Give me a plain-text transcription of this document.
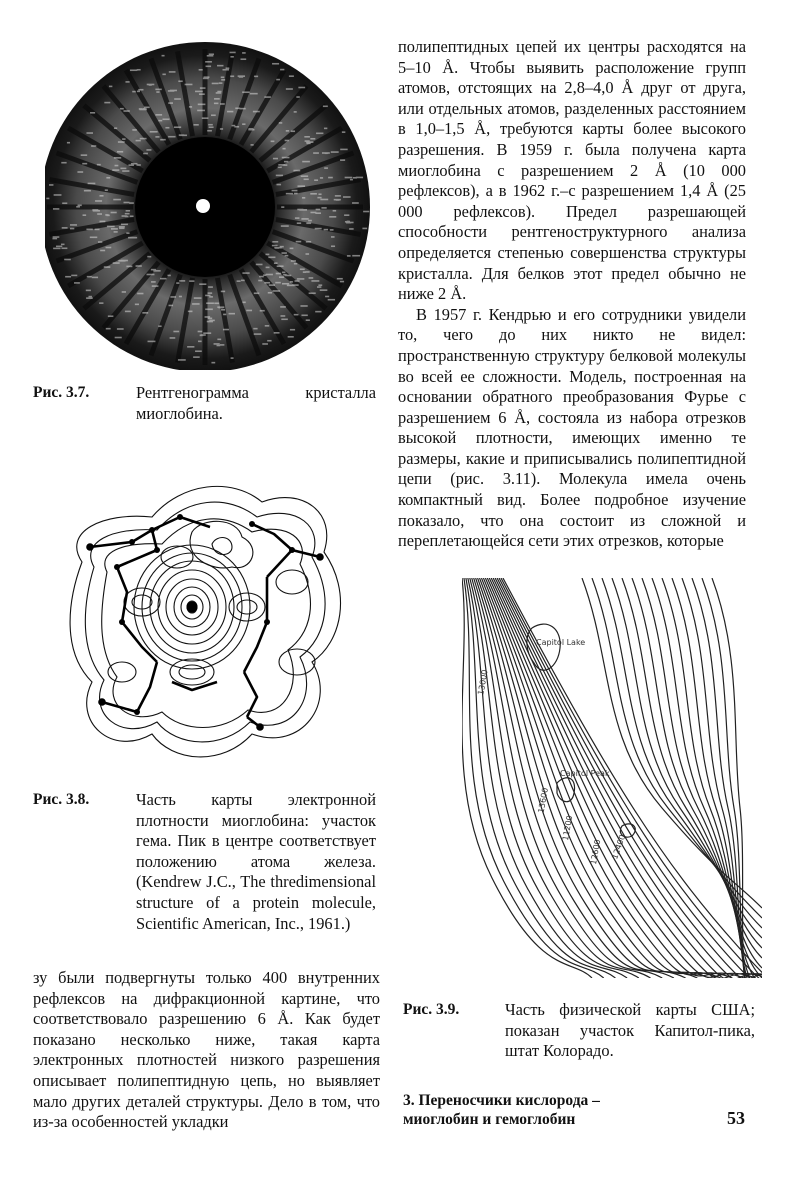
Рис. 3.7.	Рентгенограмма кристалла миоглобина.
Рис. 3.8.	Часть карты электронной плотности миоглобина: участок гема. Пик в центре соответствует положению атома железа. (Kendrew J.C., The thredimensional structure of a protein molecule, Scientific American, Inc., 1961.)

зу были подвергнуты только 400 внутренних рефлексов на дифракционной картине, что соответствовало разрешению 6 Å. Как будет показано несколько ниже, такая карта электронных плотностей низкого разрешения описывает полипептидную цепь, но выявляет мало других деталей структуры. Дело в том, что из-за особенностей укладки

полипептидных цепей их центры расходятся на 5–10 Å. Чтобы выявить расположение групп атомов, отстоящих на 2,8–4,0 Å друг от друга, или отдельных атомов, разделенных расстоянием в 1,0–1,5 Å, требуются карты более высокого разрешения. В 1959 г. была получена карта миоглобина с разрешением 2 Å (10 000 рефлексов), а в 1962 г.–с разрешением 1,4 Å (25 000 рефлексов). Предел разрешающей способности рентгеноструктурного анализа определяется степенью совершенства структуры кристалла. Для белков этот предел обычно не ниже 2 Å.

В 1957 г. Кендрью и его сотрудники увидели то, чего до них никто не видел: пространственную структуру белковой молекулы во всей ее сложности. Модель, построенная на основании обратного преобразования Фурье с разрешением 6 Å, состояла из набора отрезков высокой плотности, имеющих именно те размеры, какие и приписывались полипептидной цепи (рис. 3.11). Молекула имела очень компактный вид. Более подробное изучение показало, что она состоит из сложной и переплетающейся сети этих отрезков, которые

Capitol Lake
Capitol Peak
13000
13600
12400
11200
12600
Рис. 3.9.	Часть физической карты США; показан участок Капитол-пика, штат Колорадо.
3. Переносчики кислорода – миоглобин и гемоглобин	53
